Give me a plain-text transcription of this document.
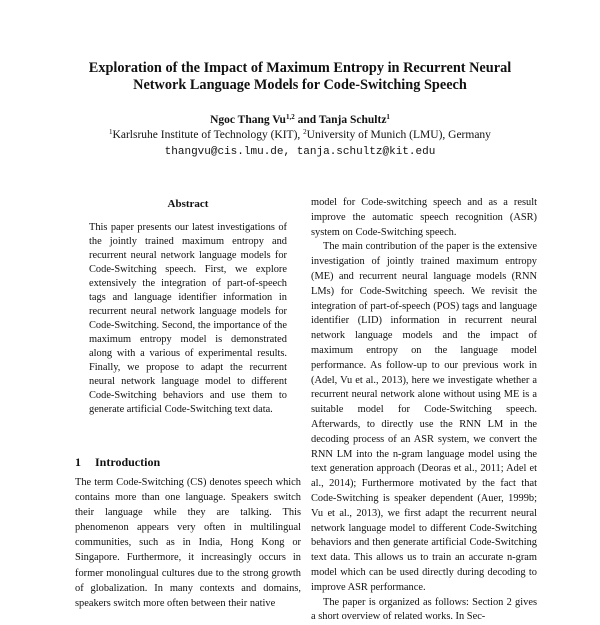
Exploration of the Impact of Maximum Entropy in Recurrent Neural
Network Language Models for Code-Switching Speech
Ngoc Thang Vu$^{1,2}$ and Tanja Schultz$^1$
$^1$Karlsruhe Institute of Technology (KIT), $^2$University of Munich (LMU), Germany
thangvu@cis.lmu.de, tanja.schultz@kit.edu
Abstract

This paper presents our latest investigations of the jointly trained maximum entropy and recurrent neural network language models for Code-Switching speech. First, we explore extensively the integration of part-of-speech tags and language identifier information in recurrent neural network language models for Code-Switching. Second, the importance of the maximum entropy model is demonstrated along with a various of experimental results. Finally, we propose to adapt the recurrent neural network language model to different Code-Switching behaviors and use them to generate artificial Code-Switching text data.

1 Introduction

The term Code-Switching (CS) denotes speech which contains more than one language. Speakers switch their language while they are talking. This phenomenon appears very often in multilingual communities, such as in India, Hong Kong or Singapore. Furthermore, it increasingly occurs in former monolingual cultures due to the strong growth of globalization. In many contexts and domains, speakers switch more often between their native

model for Code-switching speech and as a result improve the automatic speech recognition (ASR) system on Code-Switching speech.

The main contribution of the paper is the extensive investigation of jointly trained maximum entropy (ME) and recurrent neural language models (RNN LMs) for Code-Switching speech. We revisit the integration of part-of-speech (POS) tags and language identifier (LID) information in recurrent neural network language models and the impact of maximum entropy on the language model performance. As follow-up to our previous work in (Adel, Vu et al., 2013), here we investigate whether a recurrent neural network alone without using ME is a suitable model for Code-Switching speech. Afterwards, to directly use the RNN LM in the decoding process of an ASR system, we convert the RNN LM into the n-gram language model using the text generation approach (Deoras et al., 2011; Adel et al., 2014); Furthermore motivated by the fact that Code-Switching is speaker dependent (Auer, 1999b; Vu et al., 2013), we first adapt the recurrent neural network language model to different Code-Switching behaviors and then generate artificial Code-Switching text data. This allows us to train an accurate n-gram model which can be used directly during decoding to improve ASR performance.

The paper is organized as follows: Section 2 gives a short overview of related works. In Sec-
